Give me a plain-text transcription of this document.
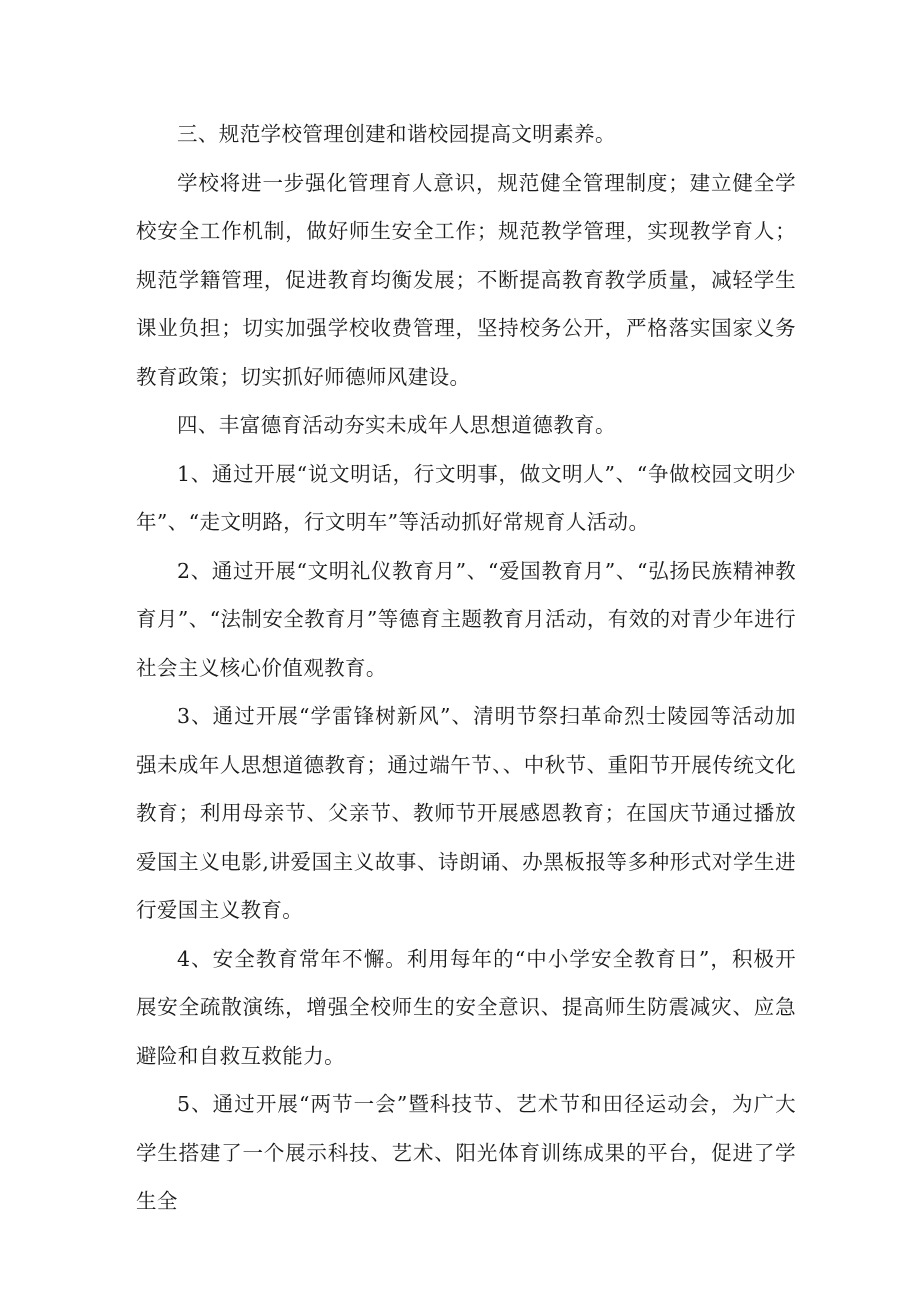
三、规范学校管理创建和谐校园提高文明素养。

学校将进一步强化管理育人意识，规范健全管理制度；建立健全学校安全工作机制，做好师生安全工作；规范教学管理，实现教学育人；规范学籍管理，促进教育均衡发展；不断提高教育教学质量，减轻学生课业负担；切实加强学校收费管理，坚持校务公开，严格落实国家义务教育政策；切实抓好师德师风建设。

四、丰富德育活动夯实未成年人思想道德教育。

1、通过开展“说文明话，行文明事，做文明人”、“争做校园文明少年”、“走文明路，行文明车”等活动抓好常规育人活动。

2、通过开展“文明礼仪教育月”、“爱国教育月”、“弘扬民族精神教育月”、“法制安全教育月”等德育主题教育月活动，有效的对青少年进行社会主义核心价值观教育。

3、通过开展“学雷锋树新风”、清明节祭扫革命烈士陵园等活动加强未成年人思想道德教育；通过端午节、、中秋节、重阳节开展传统文化教育；利用母亲节、父亲节、教师节开展感恩教育；在国庆节通过播放爱国主义电影,讲爱国主义故事、诗朗诵、办黑板报等多种形式对学生进行爱国主义教育。

4、安全教育常年不懈。利用每年的“中小学安全教育日”，积极开展安全疏散演练，增强全校师生的安全意识、提高师生防震减灾、应急避险和自救互救能力。

5、通过开展“两节一会”暨科技节、艺术节和田径运动会，为广大学生搭建了一个展示科技、艺术、阳光体育训练成果的平台，促进了学生全
